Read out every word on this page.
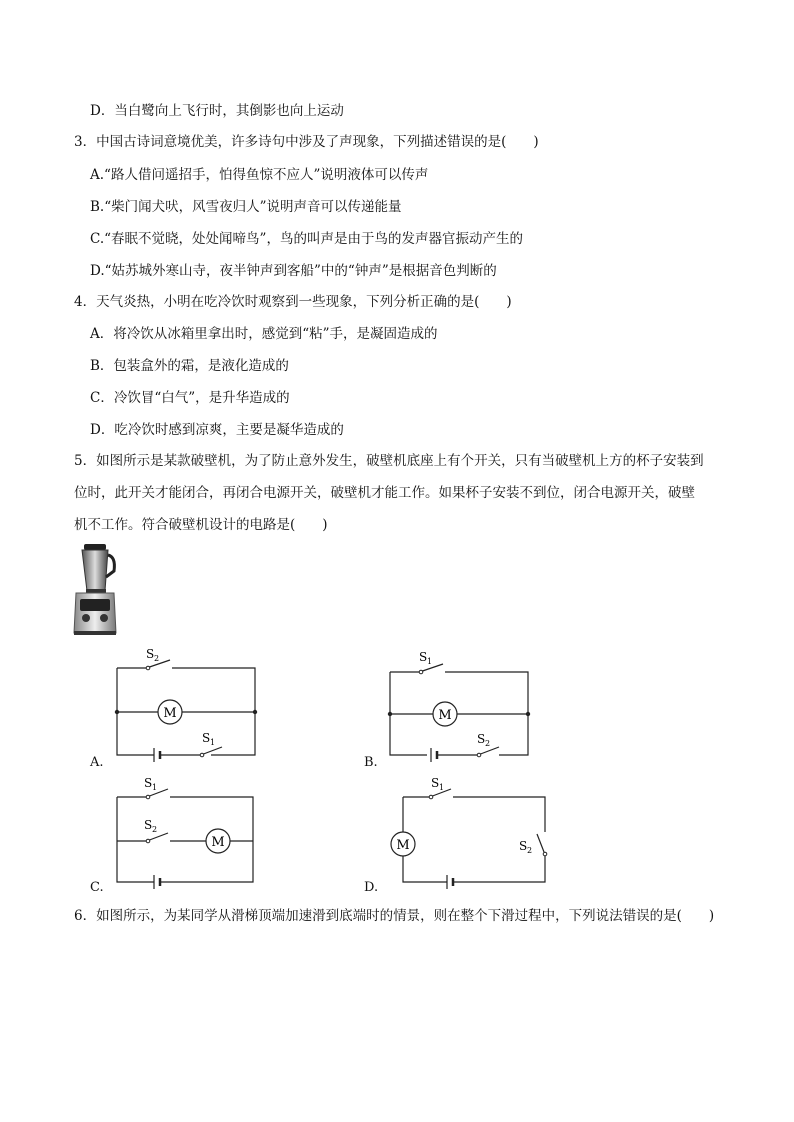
D．当白鹭向上飞行时，其倒影也向上运动
3．中国古诗词意境优美，许多诗句中涉及了声现象，下列描述错误的是(　　)
A.“路人借问遥招手，怕得鱼惊不应人”说明液体可以传声
B.“柴门闻犬吠，风雪夜归人”说明声音可以传递能量
C.“春眠不觉晓，处处闻啼鸟”，鸟的叫声是由于鸟的发声器官振动产生的
D.“姑苏城外寒山寺，夜半钟声到客船”中的“钟声”是根据音色判断的
4．天气炎热，小明在吃冷饮时观察到一些现象，下列分析正确的是(　　)
A．将冷饮从冰箱里拿出时，感觉到“粘”手，是凝固造成的
B．包装盒外的霜，是液化造成的
C．冷饮冒“白气”，是升华造成的
D．吃冷饮时感到凉爽，主要是凝华造成的
5．如图所示是某款破壁机，为了防止意外发生，破壁机底座上有个开关，只有当破壁机上方的杯子安装到
位时，此开关才能闭合，再闭合电源开关，破壁机才能工作。如果杯子安装不到位，闭合电源开关，破壁
机不工作。符合破壁机设计的电路是(　　)
M
S 2
S 1
A.
M
S 1
S 2
B.
M
S 1
S 2
C.
M
S 1
S 2
D.
6．如图所示，为某同学从滑梯顶端加速滑到底端时的情景，则在整个下滑过程中，下列说法错误的是(　　)
